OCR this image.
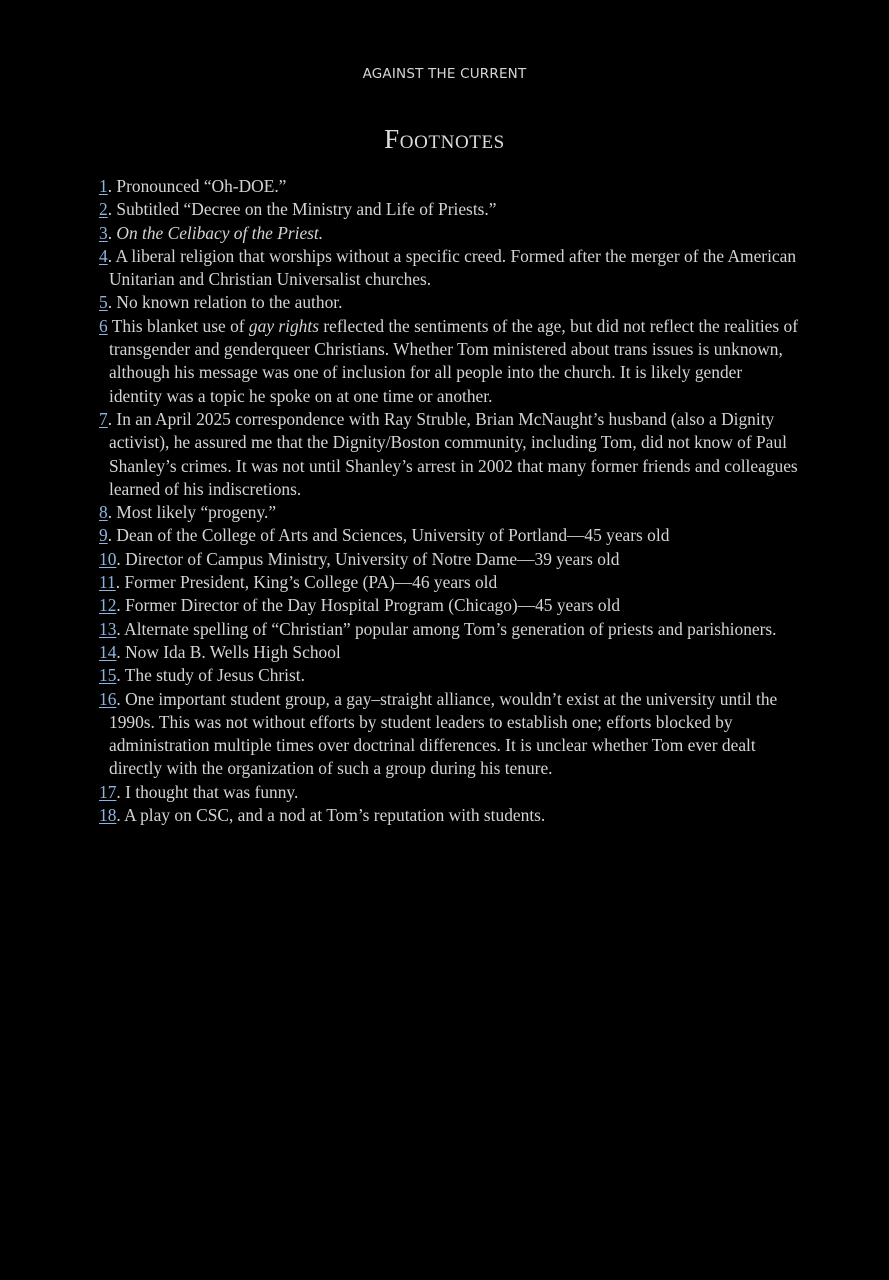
AGAINST THE CURRENT
Footnotes
1. Pronounced “Oh-DOE.”
2. Subtitled “Decree on the Ministry and Life of Priests.”
3. On the Celibacy of the Priest.
4. A liberal religion that worships without a specific creed. Formed after the merger of the American Unitarian and Christian Universalist churches.
5. No known relation to the author.
6 This blanket use of gay rights reflected the sentiments of the age, but did not reflect the realities of transgender and genderqueer Christians. Whether Tom ministered about trans issues is unknown, although his message was one of inclusion for all people into the church. It is likely gender identity was a topic he spoke on at one time or another.
7. In an April 2025 correspondence with Ray Struble, Brian McNaught’s husband (also a Dignity activist), he assured me that the Dignity/Boston community, including Tom, did not know of Paul Shanley’s crimes. It was not until Shanley’s arrest in 2002 that many former friends and colleagues learned of his indiscretions.
8. Most likely “progeny.”
9. Dean of the College of Arts and Sciences, University of Portland—45 years old
10. Director of Campus Ministry, University of Notre Dame—39 years old
11. Former President, King’s College (PA)—46 years old
12. Former Director of the Day Hospital Program (Chicago)—45 years old
13. Alternate spelling of “Christian” popular among Tom’s generation of priests and parishioners.
14. Now Ida B. Wells High School
15. The study of Jesus Christ.
16. One important student group, a gay–straight alliance, wouldn’t exist at the university until the 1990s. This was not without efforts by student leaders to establish one; efforts blocked by administration multiple times over doctrinal differences. It is unclear whether Tom ever dealt directly with the organization of such a group during his tenure.
17. I thought that was funny.
18. A play on CSC, and a nod at Tom’s reputation with students.
